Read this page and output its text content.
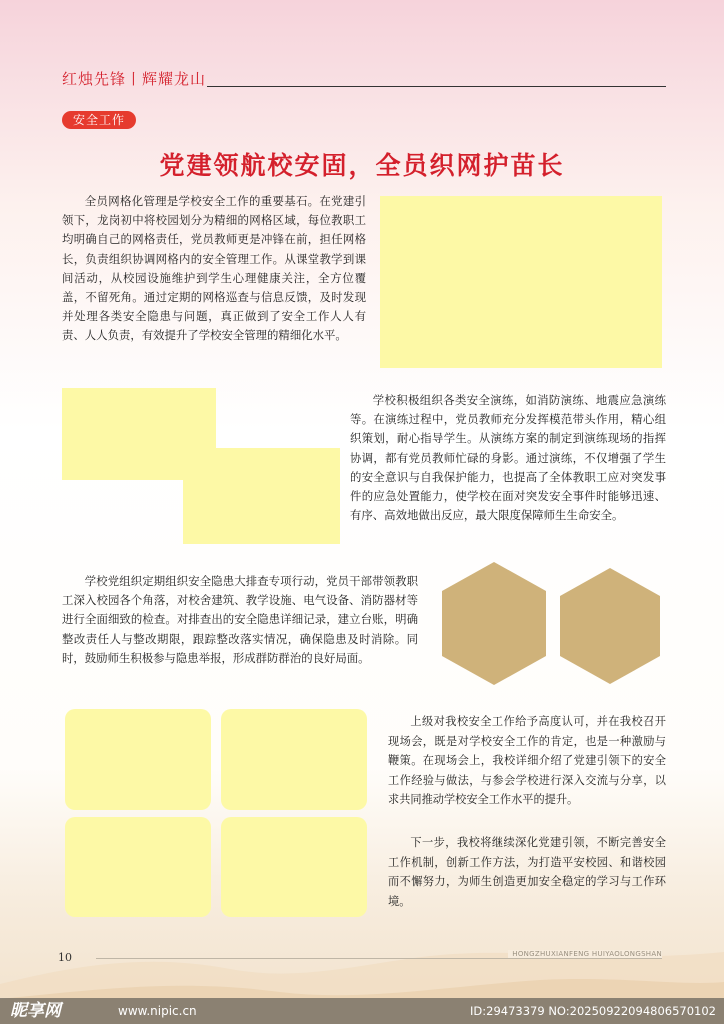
红烛先锋丨辉耀龙山
安全工作
党建领航校安固，全员织网护苗长

全员网格化管理是学校安全工作的重要基石。在党建引领下，龙岗初中将校园划分为精细的网格区域，每位教职工均明确自己的网格责任，党员教师更是冲锋在前，担任网格长，负责组织协调网格内的安全管理工作。从课堂教学到课间活动，从校园设施维护到学生心理健康关注，全方位覆盖，不留死角。通过定期的网格巡查与信息反馈，及时发现并处理各类安全隐患与问题，真正做到了安全工作人人有责、人人负责，有效提升了学校安全管理的精细化水平。

学校积极组织各类安全演练，如消防演练、地震应急演练等。在演练过程中，党员教师充分发挥模范带头作用，精心组织策划，耐心指导学生。从演练方案的制定到演练现场的指挥协调，都有党员教师忙碌的身影。通过演练，不仅增强了学生的安全意识与自我保护能力，也提高了全体教职工应对突发事件的应急处置能力，使学校在面对突发安全事件时能够迅速、有序、高效地做出反应，最大限度保障师生生命安全。

学校党组织定期组织安全隐患大排查专项行动，党员干部带领教职工深入校园各个角落，对校舍建筑、教学设施、电气设备、消防器材等进行全面细致的检查。对排查出的安全隐患详细记录，建立台账，明确整改责任人与整改期限，跟踪整改落实情况，确保隐患及时消除。同时，鼓励师生积极参与隐患举报，形成群防群治的良好局面。

上级对我校安全工作给予高度认可，并在我校召开现场会，既是对学校安全工作的肯定，也是一种激励与鞭策。在现场会上，我校详细介绍了党建引领下的安全工作经验与做法，与参会学校进行深入交流与分享，以求共同推动学校安全工作水平的提升。

下一步，我校将继续深化党建引领，不断完善安全工作机制，创新工作方法，为打造平安校园、和谐校园而不懈努力，为师生创造更加安全稳定的学习与工作环境。

10	HONGZHUXIANFENG HUIYAOLONGSHAN
昵享网	www.nipic.cn	ID:29473379 NO:20250922094806570102
